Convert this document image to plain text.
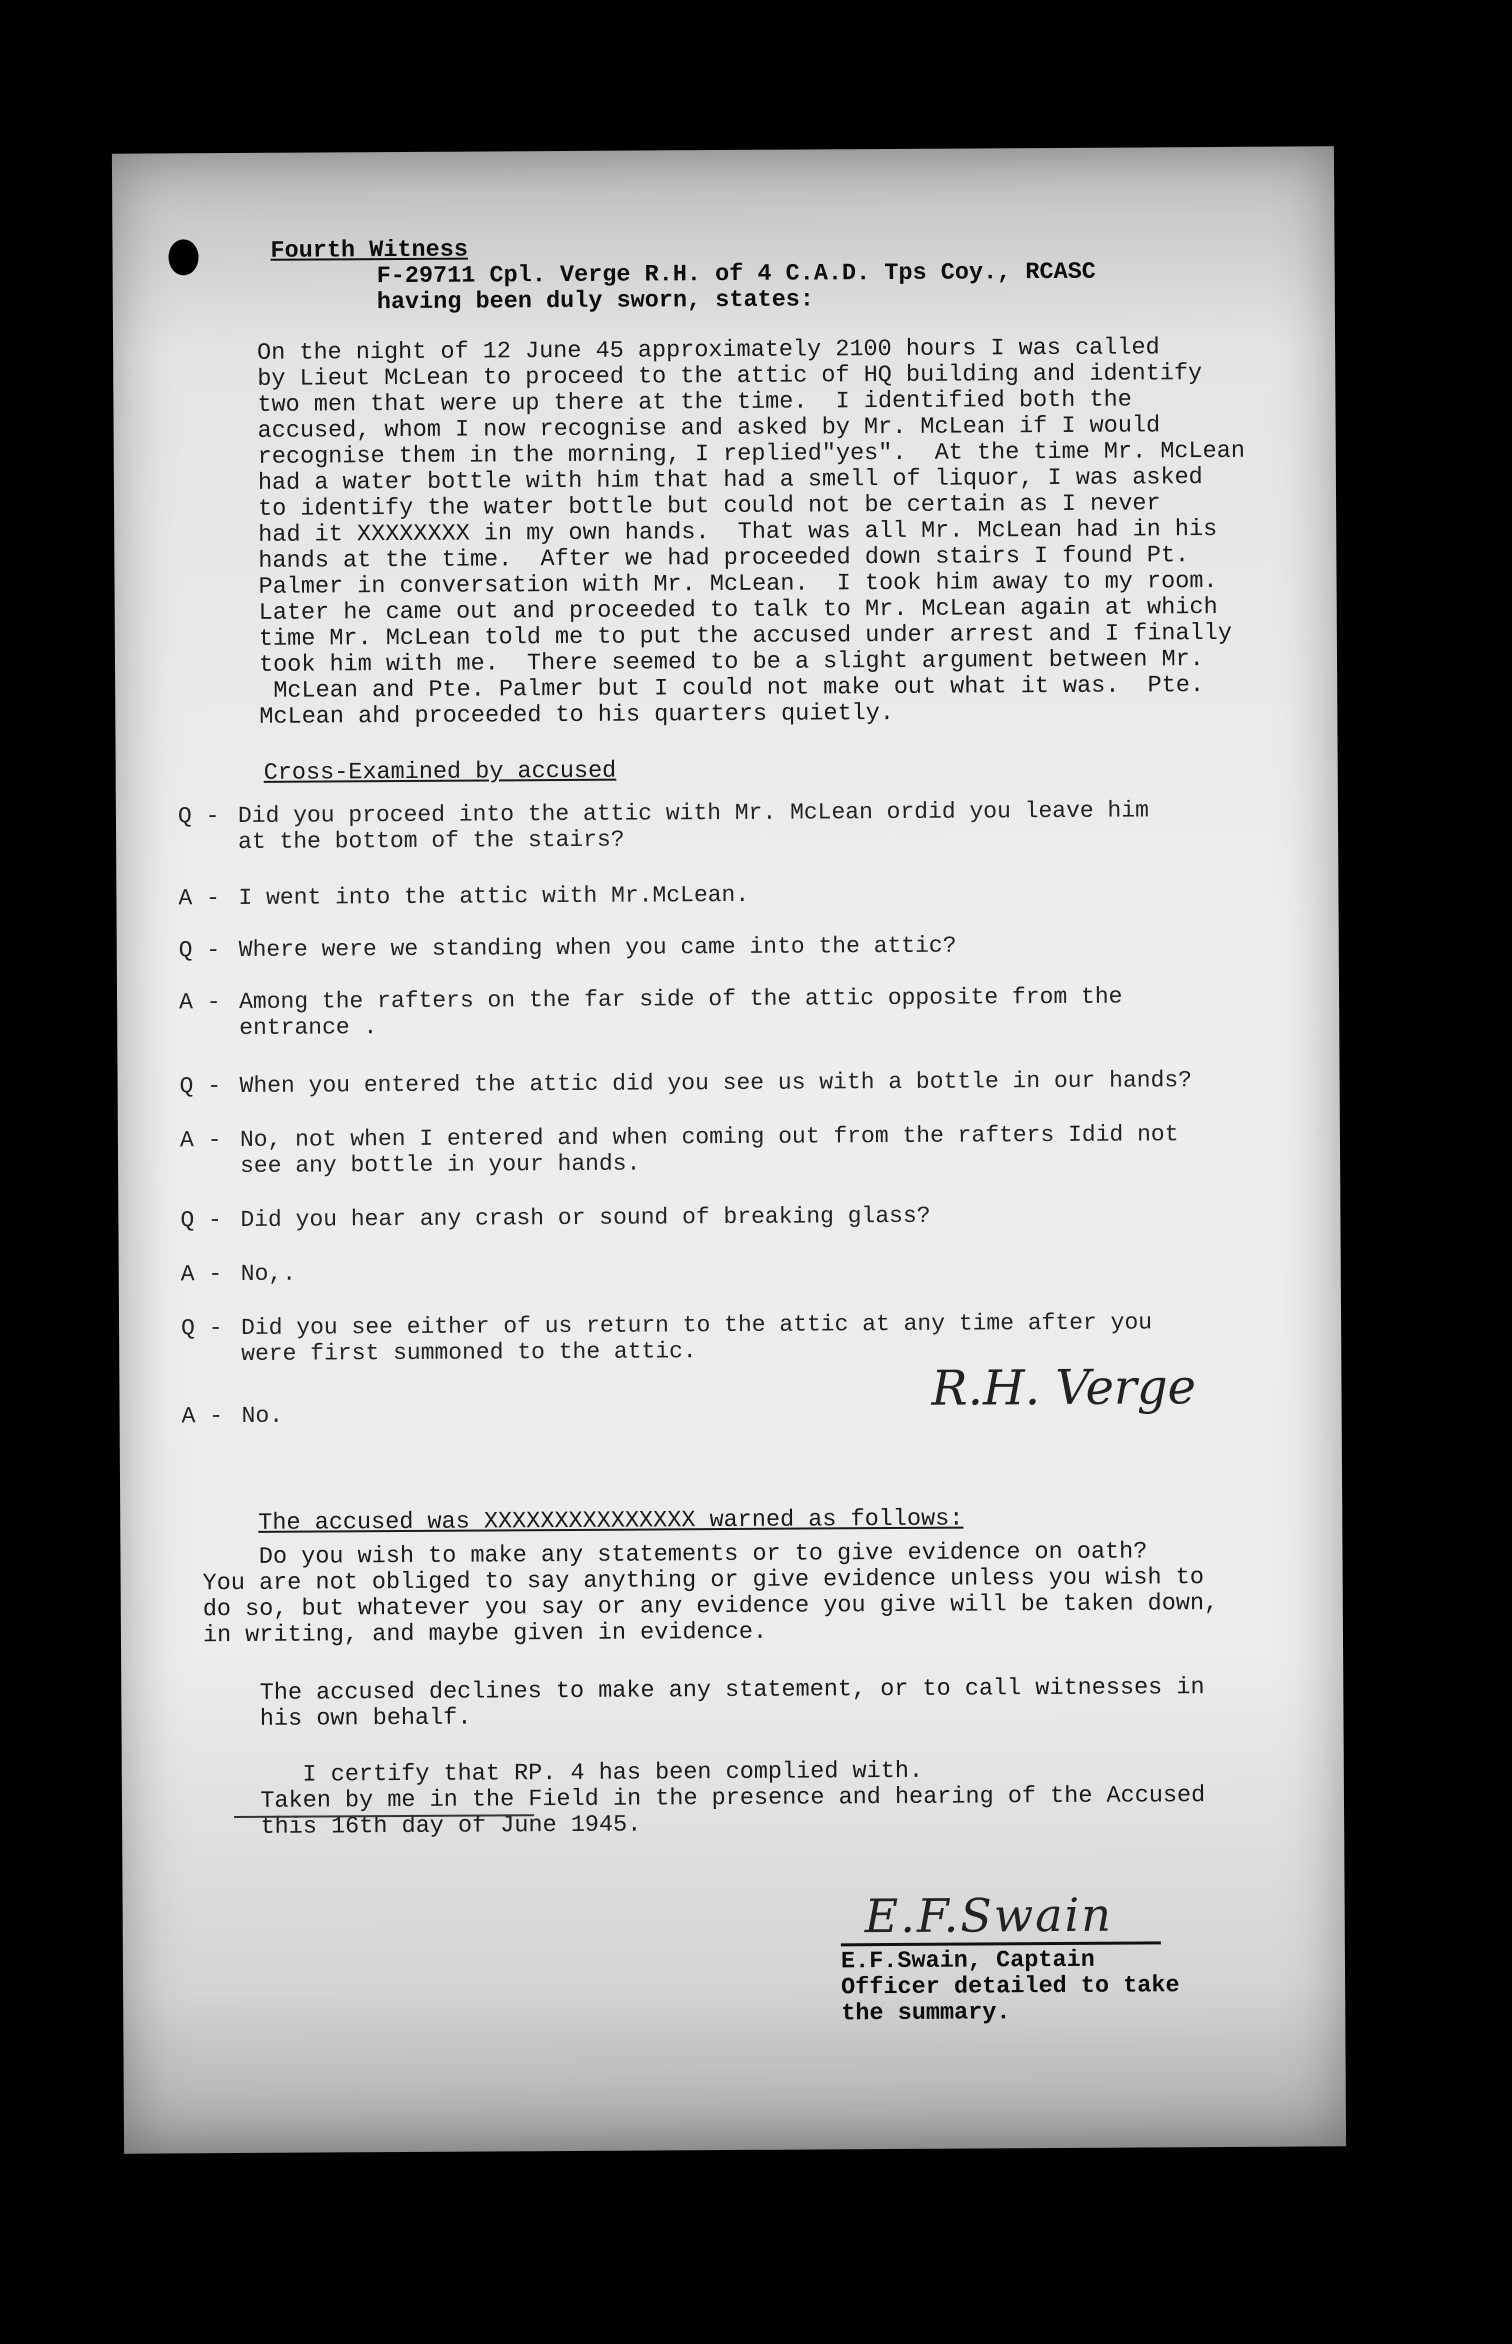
Fourth Witness
F-29711 Cpl. Verge R.H. of 4 C.A.D. Tps Coy., RCASC
having been duly sworn, states:
On the night of 12 June 45 approximately 2100 hours I was called
by Lieut McLean to proceed to the attic of HQ building and identify
two men that were up there at the time.  I identified both the
accused, whom I now recognise and asked by Mr. McLean if I would
recognise them in the morning, I replied"yes".  At the time Mr. McLean
had a water bottle with him that had a smell of liquor, I was asked
to identify the water bottle but could not be certain as I never
had it XXXXXXXX in my own hands.  That was all Mr. McLean had in his
hands at the time.  After we had proceeded down stairs I found Pt.
Palmer in conversation with Mr. McLean.  I took him away to my room.
Later he came out and proceeded to talk to Mr. McLean again at which
time Mr. McLean told me to put the accused under arrest and I finally
took him with me.  There seemed to be a slight argument between Mr.
McLean and Pte. Palmer but I could not make out what it was.  Pte.
McLean ahd proceeded to his quarters quietly.
Cross-Examined by accused
Q - Did you proceed into the attic with Mr. McLean ordid you leave him
at the bottom of the stairs?
A - I went into the attic with Mr.McLean.
Q - Where were we standing when you came into the attic?
A - Among the rafters on the far side of the attic opposite from the
entrance .
Q - When you entered the attic did you see us with a bottle in our hands?
A - No, not when I entered and when coming out from the rafters Idid not
see any bottle in your hands.
Q - Did you hear any crash or sound of breaking glass?
A - No,.
Q - Did you see either of us return to the attic at any time after you
were first summoned to the attic.
A - No.	R.H. Verge
The accused was XXXXXXXXXXXXXXX warned as follows:
Do you wish to make any statements or to give evidence on oath?
You are not obliged to say anything or give evidence unless you wish to
do so, but whatever you say or any evidence you give will be taken down,
in writing, and maybe given in evidence.
The accused declines to make any statement, or to call witnesses in
his own behalf.
I certify that RP. 4 has been complied with.
Taken by me in the Field in the presence and hearing of the Accused
this 16th day of June 1945.
E.F.Swain
E.F.Swain, Captain
Officer detailed to take
the summary.
